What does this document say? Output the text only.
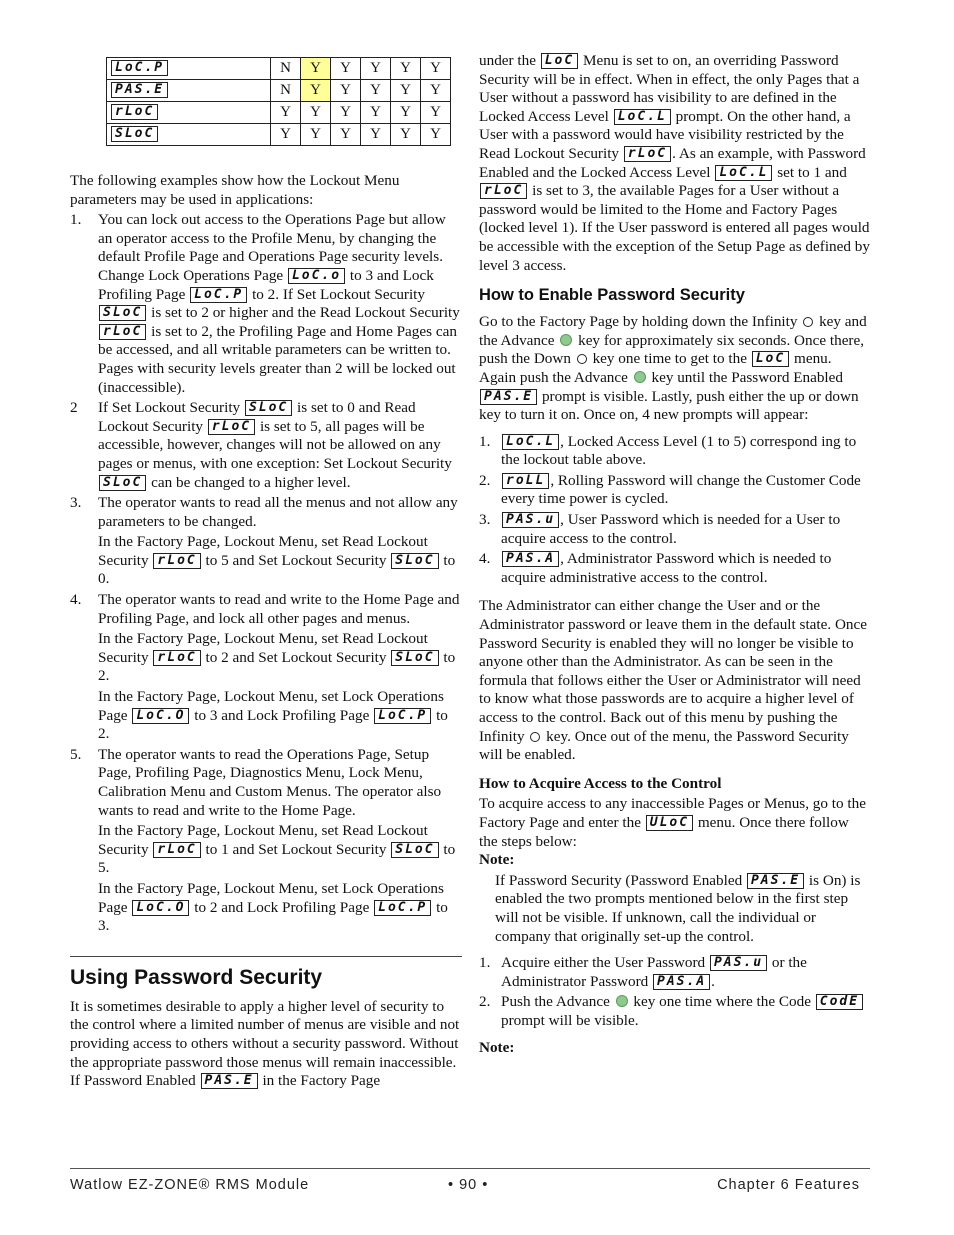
LoC.P	N	Y	Y	Y	Y	Y
PAS.E	N	Y	Y	Y	Y	Y
rLoC	Y	Y	Y	Y	Y	Y
SLoC	Y	Y	Y	Y	Y	Y

The following examples show how the Lockout Menu parameters may be used in applications:

1. You can lock out access to the Operations Page but allow an operator access to the Profile Menu, by changing the default Profile Page and Operations Page security levels. Change Lock Operations Page LoC.o to 3 and Lock Profiling Page LoC.P to 2. If Set Lockout Security SLoC is set to 2 or higher and the Read Lockout Security rLoC is set to 2, the Profiling Page and Home Pages can be accessed, and all writable parameters can be written to. Pages with security levels greater than 2 will be locked out (inaccessible).
2 If Set Lockout Security SLoC is set to 0 and Read Lockout Security rLoC is set to 5, all pages will be accessible, however, changes will not be allowed on any pages or menus, with one exception: Set Lockout Security SLoC can be changed to a higher level.
3. The operator wants to read all the menus and not allow any parameters to be changed.
In the Factory Page, Lockout Menu, set Read Lockout Security rLoC to 5 and Set Lockout Security SLoC to 0.
4. The operator wants to read and write to the Home Page and Profiling Page, and lock all other pages and menus.
In the Factory Page, Lockout Menu, set Read Lockout Security rLoC to 2 and Set Lockout Security SLoC to 2.
In the Factory Page, Lockout Menu, set Lock Operations Page LoC.O to 3 and Lock Profiling Page LoC.P to 2.
5. The operator wants to read the Operations Page, Setup Page, Profiling Page, Diagnostics Menu, Lock Menu, Calibration Menu and Custom Menus. The operator also wants to read and write to the Home Page.
In the Factory Page, Lockout Menu, set Read Lockout Security rLoC to 1 and Set Lockout Security SLoC to 5.
In the Factory Page, Lockout Menu, set Lock Operations Page LoC.O to 2 and Lock Profiling Page LoC.P to 3.
Using Password Security

It is sometimes desirable to apply a higher level of security to the control where a limited number of menus are visible and not providing access to others without a security password. Without the appropriate password those menus will remain inaccessible. If Password Enabled PAS.E in the Factory Page

under the LoC Menu is set to on, an overriding Password Security will be in effect. When in effect, the only Pages that a User without a password has visibility to are defined in the Locked Access Level LoC.L prompt. On the other hand, a User with a password would have visibility restricted by the Read Lockout Security rLoC . As an example, with Password Enabled and the Locked Access Level LoC.L set to 1 and rLoC is set to 3, the available Pages for a User without a password would be limited to the Home and Factory Pages (locked level 1). If the User password is entered all pages would be accessible with the exception of the Setup Page as defined by level 3 access.

How to Enable Password Security

Go to the Factory Page by holding down the Infinity  key and the Advance  key for approximately six seconds. Once there, push the Down  key one time to get to the LoC menu. Again push the Advance  key until the Password Enabled PAS.E prompt is visible. Lastly, push either the up or down key to turn it on. Once on, 4 new prompts will appear:

1.	LoC.L , Locked Access Level (1 to 5) correspond ing to the lockout table above.
2.	roLL , Rolling Password will change the Customer Code every time power is cycled.
3.	PAS.u , User Password which is needed for a User to acquire access to the control.
4.	PAS.A , Administrator Password which is needed to acquire administrative access to the control.

The Administrator can either change the User and or the Administrator password or leave them in the default state. Once Password Security is enabled they will no longer be visible to anyone other than the Administrator. As can be seen in the formula that follows either the User or Administrator will need to know what those passwords are to acquire a higher level of access to the control. Back out of this menu by pushing the Infinity  key. Once out of the menu, the Password Security will be enabled.

How to Acquire Access to the Control

To acquire access to any inaccessible Pages or Menus, go to the Factory Page and enter the ULoC menu. Once there follow the steps below:

Note:

If Password Security (Password Enabled PAS.E is On) is enabled the two prompts mentioned below in the first step will not be visible. If unknown, call the individual or company that originally set-up the control.

1. Acquire either the User Password PAS.u or the Administrator Password PAS.A .
2. Push the Advance  key one time where the Code CodE prompt will be visible.
Note:
Watlow EZ-ZONE® RMS Module	• 90 •	Chapter 6 Features
